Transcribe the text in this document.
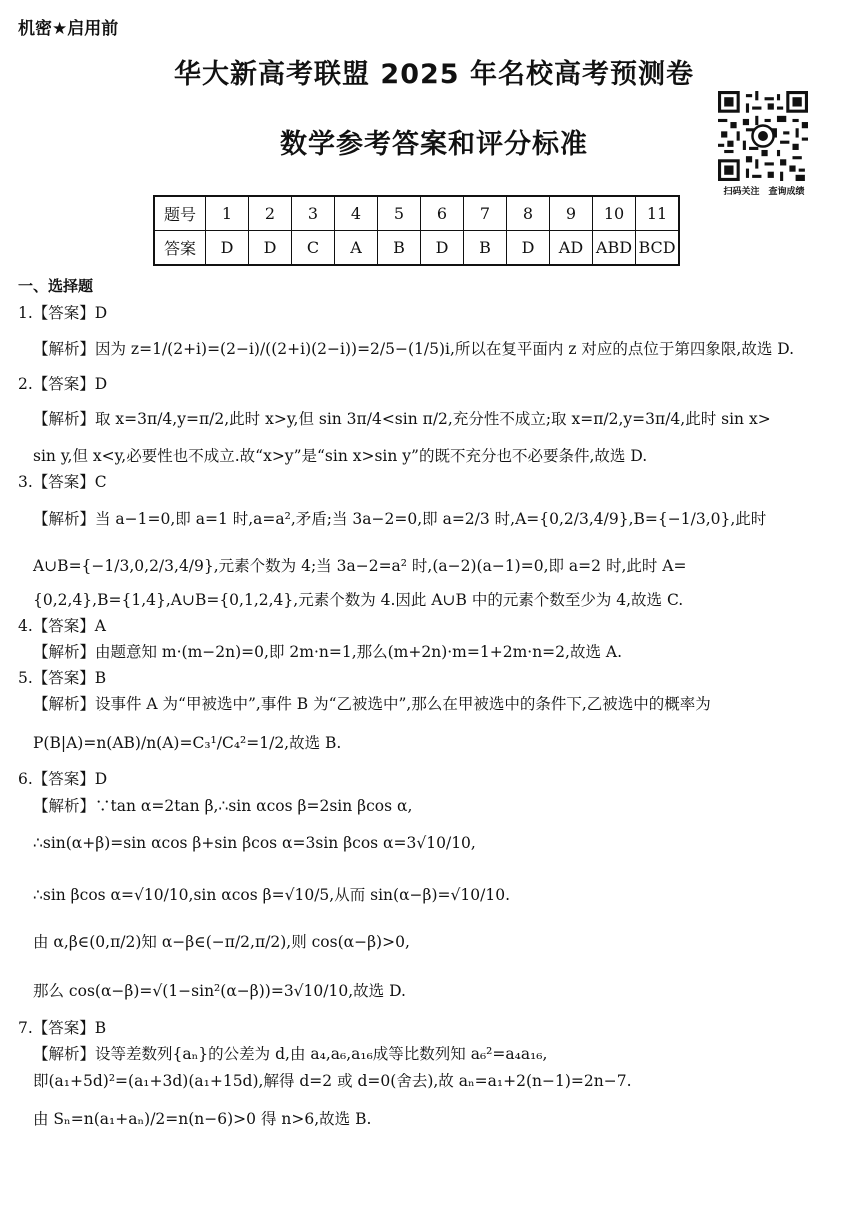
机密★启用前
华大新高考联盟 2025 年名校高考预测卷
数学参考答案和评分标准
扫码关注　查询成绩
题号	1	2	3	4	5	6	7	8	9	10	11
答案	D	D	C	A	B	D	B	D	AD	ABD	BCD
一、选择题
1.【答案】D
【解析】因为 z=1/(2+i)=(2−i)/((2+i)(2−i))=2/5−(1/5)i,所以在复平面内 z 对应的点位于第四象限,故选 D.
2.【答案】D
【解析】取 x=3π/4,y=π/2,此时 x>y,但 sin 3π/4<sin π/2,充分性不成立;取 x=π/2,y=3π/4,此时 sin x>
sin y,但 x<y,必要性也不成立.故“x>y”是“sin x>sin y”的既不充分也不必要条件,故选 D.
3.【答案】C
【解析】当 a−1=0,即 a=1 时,a=a²,矛盾;当 3a−2=0,即 a=2/3 时,A={0,2/3,4/9},B={−1/3,0},此时
A∪B={−1/3,0,2/3,4/9},元素个数为 4;当 3a−2=a² 时,(a−2)(a−1)=0,即 a=2 时,此时 A=
{0,2,4},B={1,4},A∪B={0,1,2,4},元素个数为 4.因此 A∪B 中的元素个数至少为 4,故选 C.
4.【答案】A
【解析】由题意知 m·(m−2n)=0,即 2m·n=1,那么(m+2n)·m=1+2m·n=2,故选 A.
5.【答案】B
【解析】设事件 A 为“甲被选中”,事件 B 为“乙被选中”,那么在甲被选中的条件下,乙被选中的概率为
P(B|A)=n(AB)/n(A)=C₃¹/C₄²=1/2,故选 B.
6.【答案】D
【解析】∵tan α=2tan β,∴sin αcos β=2sin βcos α,
∴sin(α+β)=sin αcos β+sin βcos α=3sin βcos α=3√10/10,
∴sin βcos α=√10/10,sin αcos β=√10/5,从而 sin(α−β)=√10/10.
由 α,β∈(0,π/2)知 α−β∈(−π/2,π/2),则 cos(α−β)>0,
那么 cos(α−β)=√(1−sin²(α−β))=3√10/10,故选 D.
7.【答案】B
【解析】设等差数列{aₙ}的公差为 d,由 a₄,a₆,a₁₆成等比数列知 a₆²=a₄a₁₆,
即(a₁+5d)²=(a₁+3d)(a₁+15d),解得 d=2 或 d=0(舍去),故 aₙ=a₁+2(n−1)=2n−7.
由 Sₙ=n(a₁+aₙ)/2=n(n−6)>0 得 n>6,故选 B.
